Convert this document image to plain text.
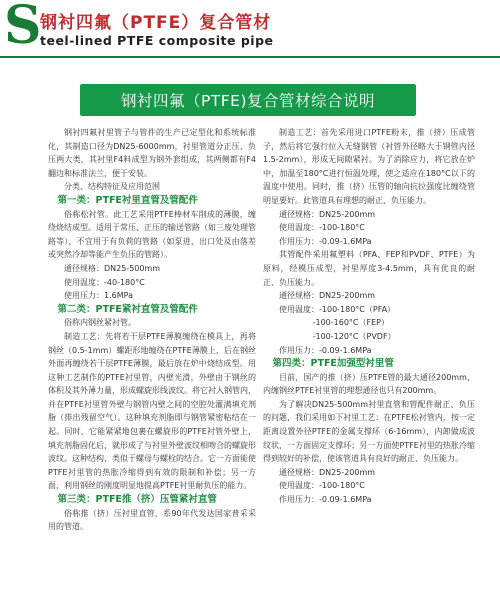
S
钢衬四氟（PTFE）复合管材
teel-lined PTFE composite pipe
钢衬四氟（PTFE)复合管材综合说明
钢衬四氟衬里管子与管件的生产已定型化和系统标准化，其制造口径为DN25-6000mm，衬里管道分正压、负压两大类，其衬里F4料成型为钢外套组成，其两侧都有F4翻边和标准法兰，便于安装。
分类、结构特征及应用范围
第一类：PTFE衬里直管及管配件
俗称松衬管。此工艺采用PTFE棒材车削成的薄膜，缠绕烧结成型。适用于常压、正压的输送管路（如三废处理管路等），不宜用于有负荷的管路（如泵进、出口处及由落差或突然冷却等能产生负压的管路）。
通径规格：DN25-500mm
使用温度：-40-180°C
使用压力：1.6MPa
第二类：PTFE紧衬直管及管配件
俗称内钢丝紧衬管。
制造工艺：先将若干层PTFE薄膜缠绕在模具上，再将钢丝（0.5-1mm）螺距形地缠绕在PTFE薄膜上，后在钢丝外面再缠绕若干层PTFE薄膜，最后放在炉中烧结成型。用这种工艺制作的PTFE衬里管，内壁光滑，外壁由于钢丝的体积及其外薄力量，形成螺旋形线波纹。将它衬入钢管内，并在PTFE衬里管外壁与钢管内壁之间的空腔处灌满填充剂脂（排出残留空气）。这种填充剂脂即与钢管紧密粘结在一起。同时，它能紧紧地包裹在螺旋形的PTFE衬管外壁上，填充剂脂固化后，就形成了与衬里外壁波纹相吻合的螺旋形波纹。这种结构，类似于螺母与螺栓的结合。它一方面能使PTFE衬里管的热胀冷缩得到有效的限制和补偿；另一方面，利用钢丝的刚度明显地提高PTFE衬里耐负压的能力。
第三类：PTFE推（挤）压管紧衬直管
俗称推（挤）压衬里直管，系90年代发达国家普采采用的管道。
制造工艺：首先采用进口PTFE粉末，推（挤）压成管子，然后将它强行拉入无缝钢管（衬管外径略大于钢管内径1.5-2mm），形成无间隙紧衬。为了消除应力，将它放在炉中，加温至180°C进行恒温处理，使之适应在180°C以下的温度中使用。同时，推（挤）压管的轴向抗拉强度比缠绕管明显要好。此管道具有理想的耐正、负压能力。
通径规格：DN25-200mm
使用温度：-100-180°C
作用压力：-0.09-1.6MPa
其管配件采用氟塑料（PFA、FEP和PVDF、PTFE）为原料，经模压成型，衬里厚度3-4.5mm，具有优良的耐正、负压能力。
通径规格：DN25-200mm
使用温度：-100-180°C（PFA）
-100-160°C（FEP）
-100-120°C（PVDF）
作用压力：-0.09-1.6MPa
第四类：PTFE加强型衬里管
目前，国产的推（挤）压PTFE管的最大通径200mm，内缠钢丝PTFE衬里管的理想通径也只有200mm。
为了解决DN25-500mm衬里直管和管配件耐正、负压的问题，我们采用如下衬里工艺：在PTFE松衬管内，按一定距离设置外径PTFE的金属支撑环（6-16mm），内卸做成波纹状，一方面固定支撑环；另一方面使PTFE衬里的热胀冷缩得到较好的补偿，使该管道具有良好的耐正、负压能力。
通径规格：DN25-200mm
使用温度：-100-180°C
作用压力：-0.09-1.6MPa
